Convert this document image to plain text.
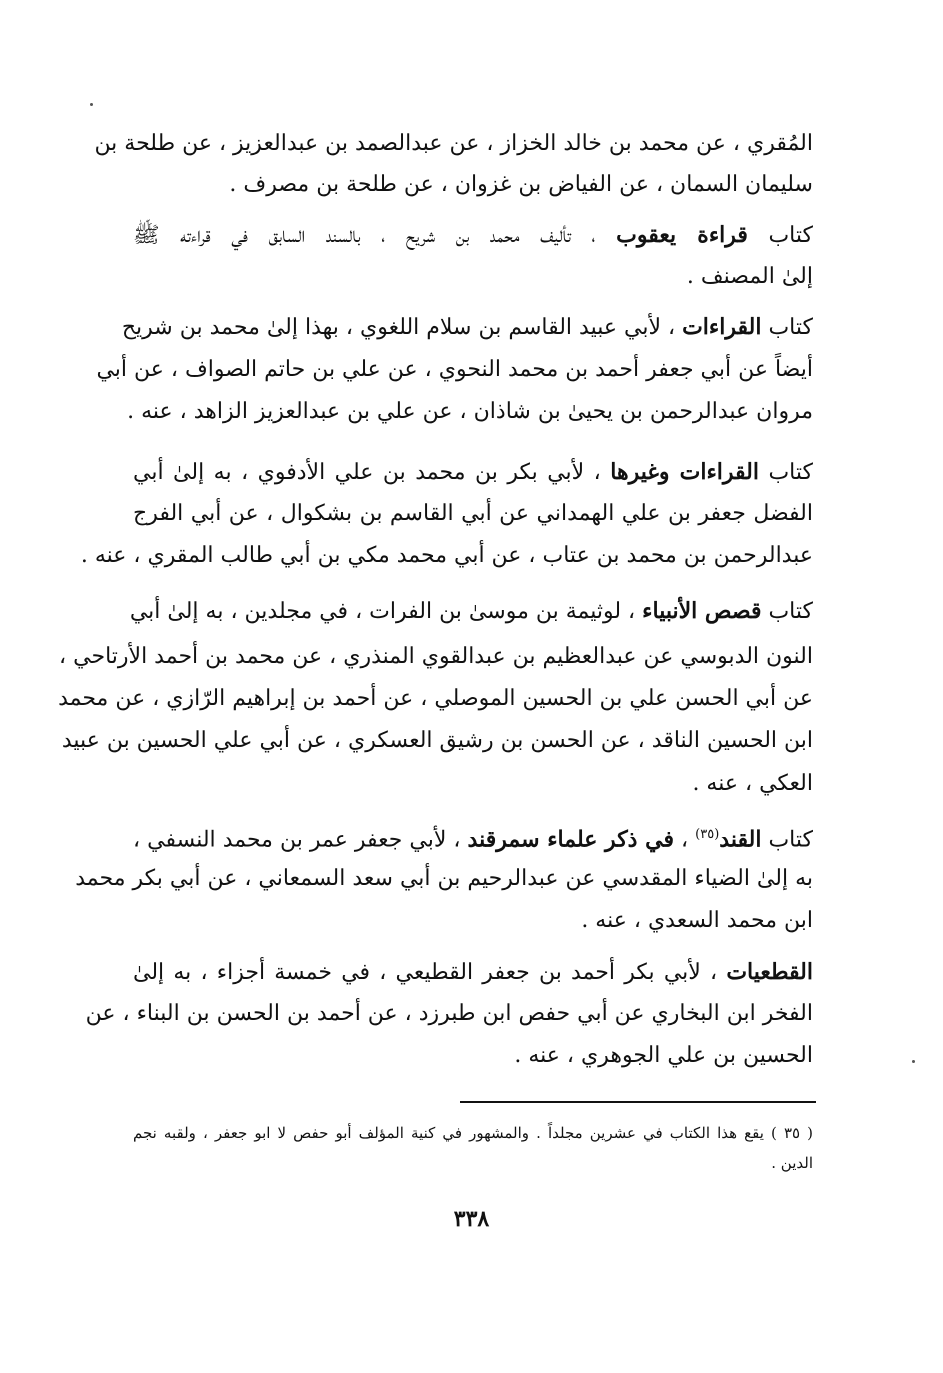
المُقري ، عن محمد بن خالد الخزاز ، عن عبدالصمد بن عبدالعزيز ، عن طلحة بن
سليمان السمان ، عن الفياض بن غزوان ، عن طلحة بن مصرف .
كتاب قراءة يعقوب ، تأليف محمد بن شريح ، بالسند السابق في قراءته ﷺ
إلىٰ المصنف .
كتاب القراءات ، لأبي عبيد القاسم بن سلام اللغوي ، بهذا إلىٰ محمد بن شريح
أيضاً عن أبي جعفر أحمد بن محمد النحوي ، عن علي بن حاتم الصواف ، عن أبي
مروان عبدالرحمن بن يحيىٰ بن شاذان ، عن علي بن عبدالعزيز الزاهد ، عنه .
كتاب القراءات وغيرها ، لأبي بكر بن محمد بن علي الأدفوي ، به إلىٰ أبي
الفضل جعفر بن علي الهمداني عن أبي القاسم بن بشكوال ، عن أبي الفرج
عبدالرحمن بن محمد بن عتاب ، عن أبي محمد مكي بن أبي طالب المقري ، عنه .
كتاب قصص الأنبياء ، لوثيمة بن موسىٰ بن الفرات ، في مجلدين ، به إلىٰ أبي
النون الدبوسي عن عبدالعظيم بن عبدالقوي المنذري ، عن محمد بن أحمد الأرتاحي ،
عن أبي الحسن علي بن الحسين الموصلي ، عن أحمد بن إبراهيم الرّازي ، عن محمد
ابن الحسين الناقد ، عن الحسن بن رشيق العسكري ، عن أبي علي الحسين بن عبيد
العكي ، عنه .
كتاب القند$^{(٣٥)}$ ، في ذكر علماء سمرقند ، لأبي جعفر عمر بن محمد النسفي ،
به إلىٰ الضياء المقدسي عن عبدالرحيم بن أبي سعد السمعاني ، عن أبي بكر محمد
ابن محمد السعدي ، عنه .
القطعيات ، لأبي بكر أحمد بن جعفر القطيعي ، في خمسة أجزاء ، به إلىٰ
الفخر ابن البخاري عن أبي حفص ابن طبرزد ، عن أحمد بن الحسن بن البناء ، عن
الحسين بن علي الجوهري ، عنه .
( ٣٥ ) يقع هذا الكتاب في عشرين مجلداً . والمشهور في كنية المؤلف أبو حفص لا ابو جعفر ، ولقبه نجم
الدين .
٣٣٨
